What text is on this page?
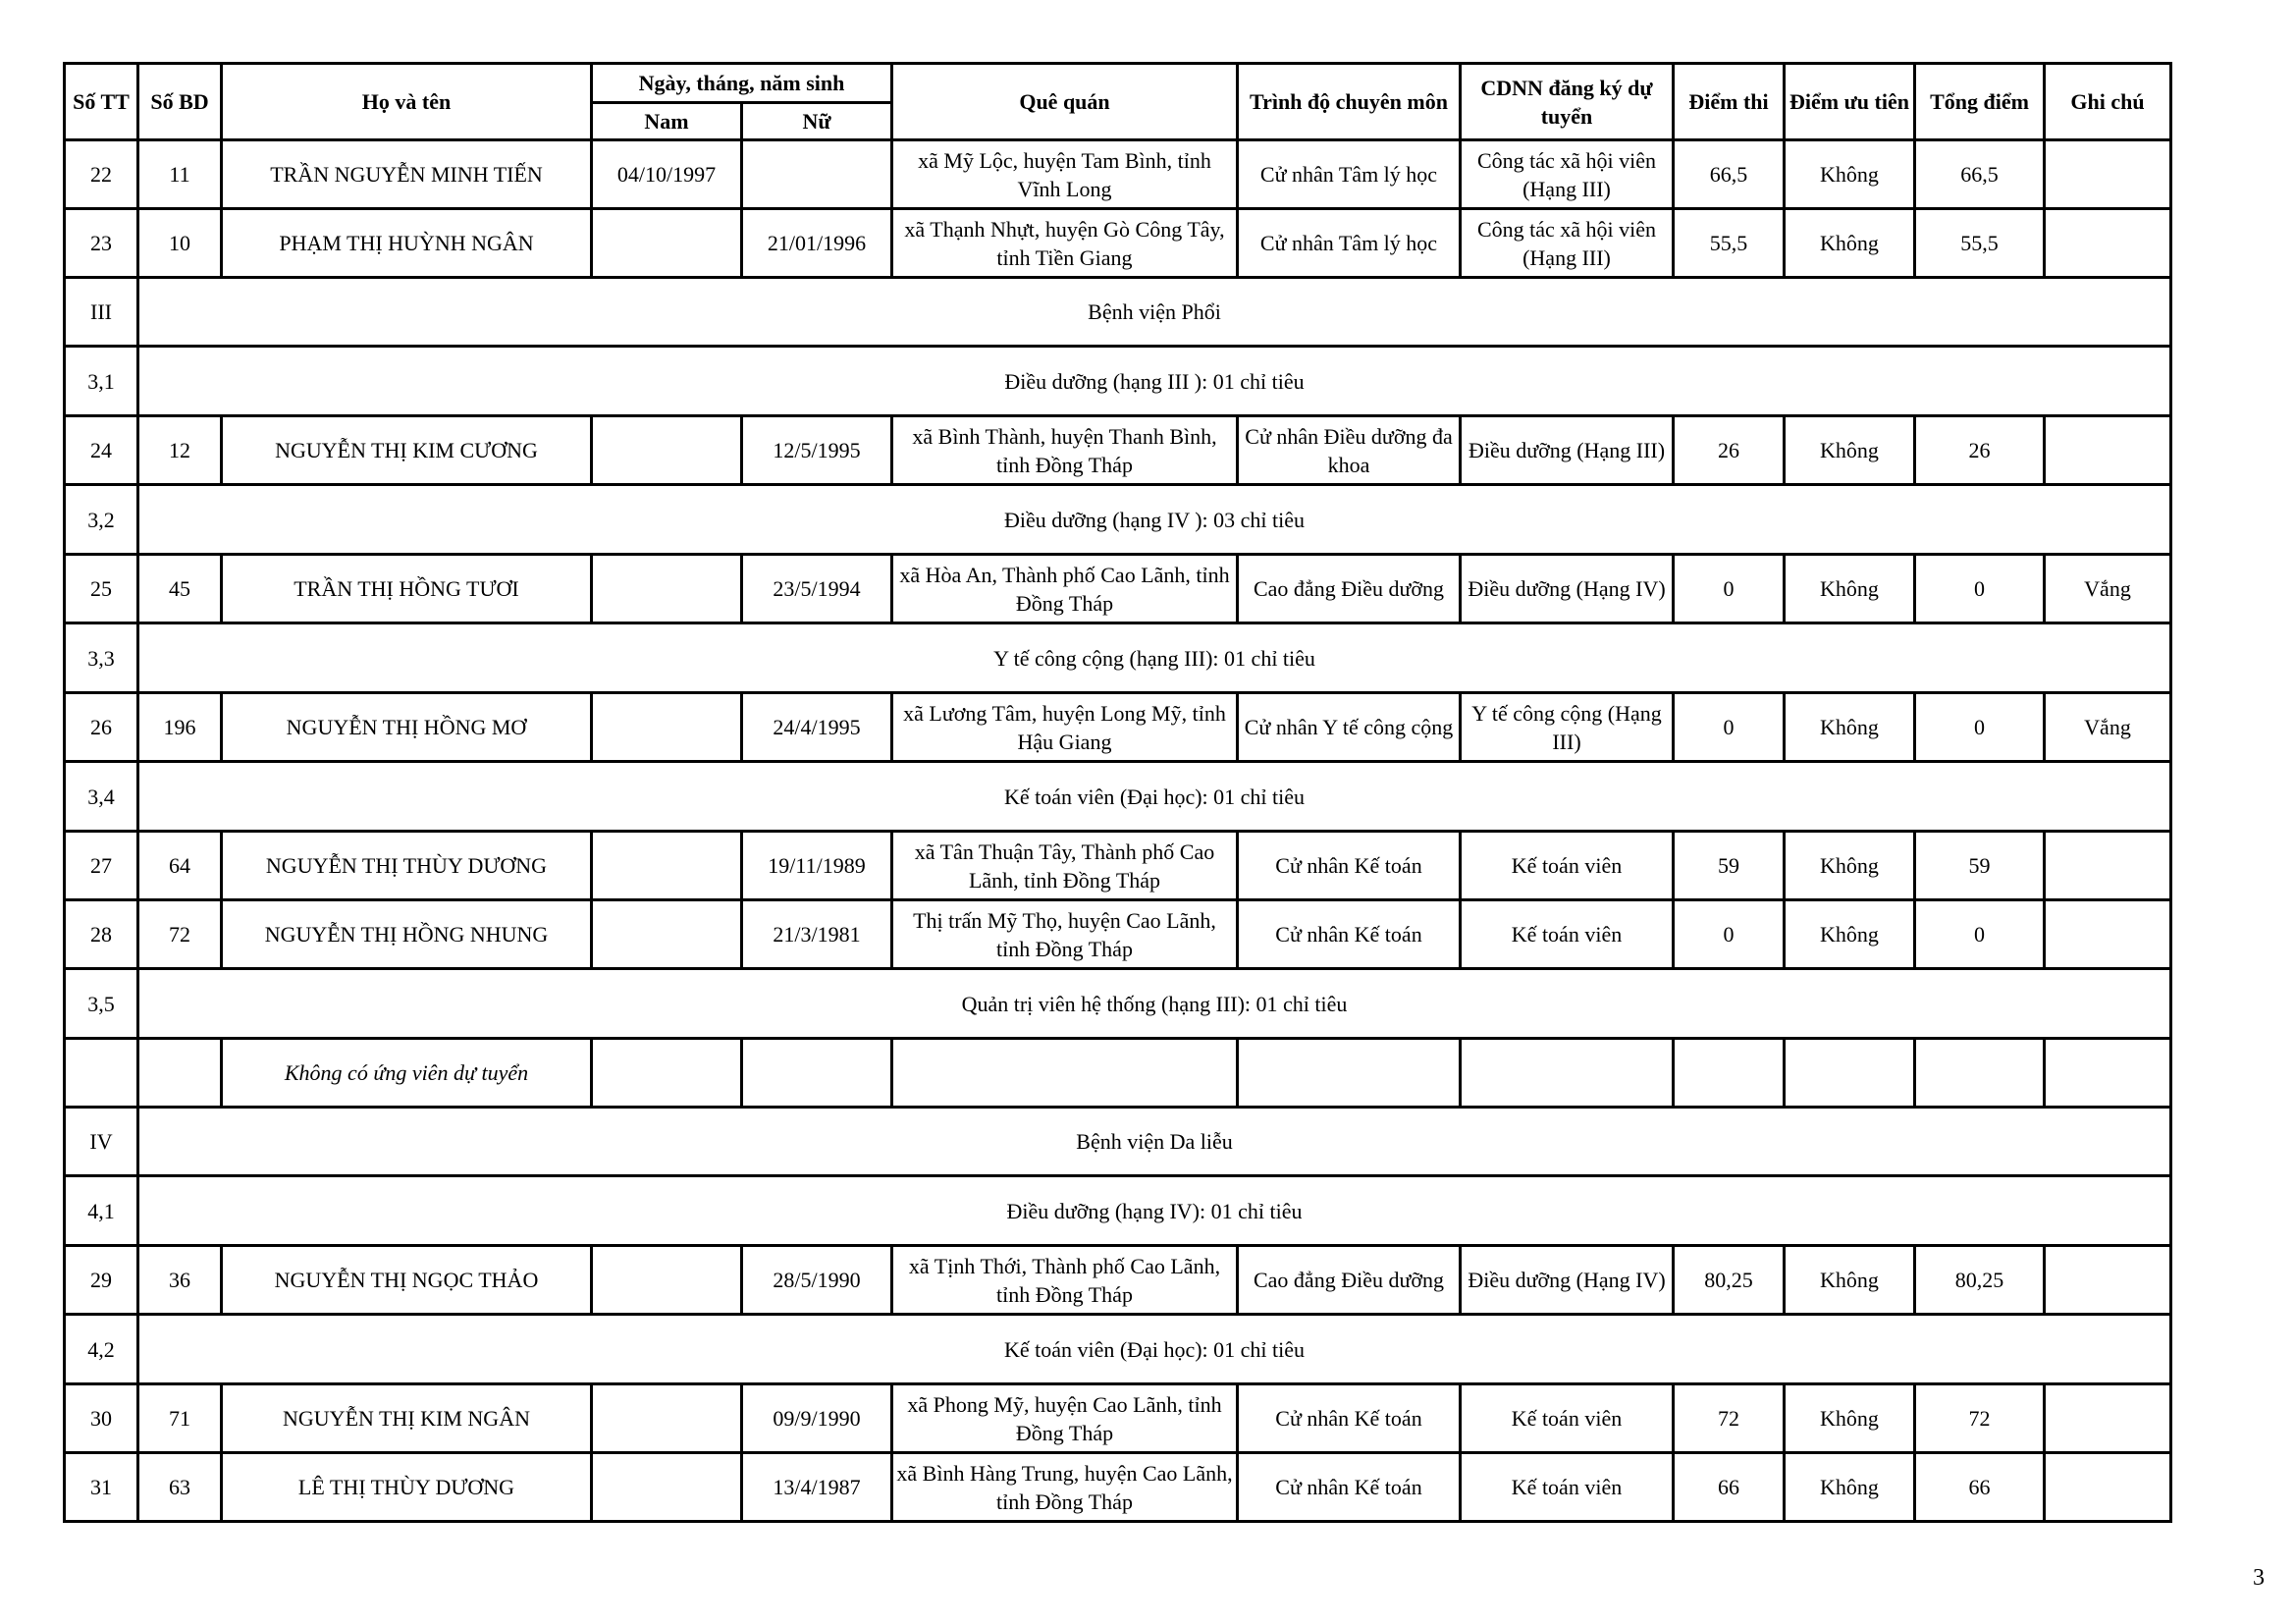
Số TT	Số BD	Họ và tên	Ngày, tháng, năm sinh		Quê quán	Trình độ chuyên môn	CDNN đăng ký dự tuyển	Điểm thi	Điểm ưu tiên	Tổng điểm	Ghi chú
			Nam	Nữ							
22	11	TRẦN NGUYỄN MINH TIẾN	04/10/1997		xã Mỹ Lộc, huyện Tam Bình, tỉnh Vĩnh Long	Cử nhân Tâm lý học	Công tác xã hội viên (Hạng III)	66,5	Không	66,5	
23	10	PHẠM THỊ HUỲNH NGÂN		21/01/1996	xã Thạnh Nhựt, huyện Gò Công Tây, tỉnh Tiền Giang	Cử nhân Tâm lý học	Công tác xã hội viên (Hạng III)	55,5	Không	55,5	
III	Bệnh viện Phổi										
3,1	Điều dưỡng (hạng III ): 01 chỉ tiêu										
24	12	NGUYỄN THỊ KIM CƯƠNG		12/5/1995	xã Bình Thành, huyện Thanh Bình, tỉnh Đồng Tháp	Cử nhân Điều dưỡng đa khoa	Điều dưỡng (Hạng III)	26	Không	26	
3,2	Điều dưỡng (hạng IV ): 03 chỉ tiêu										
25	45	TRẦN THỊ HỒNG TƯƠI		23/5/1994	xã Hòa An, Thành phố Cao Lãnh, tỉnh Đồng Tháp	Cao đẳng Điều dưỡng	Điều dưỡng (Hạng IV)	0	Không	0	Vắng
3,3	Y tế công cộng (hạng III): 01 chỉ tiêu										
26	196	NGUYỄN THỊ HỒNG MƠ		24/4/1995	xã Lương Tâm, huyện Long Mỹ, tỉnh Hậu Giang	Cử nhân Y tế công cộng	Y tế công cộng (Hạng III)	0	Không	0	Vắng
3,4	Kế toán viên (Đại học): 01 chỉ tiêu										
27	64	NGUYỄN THỊ THÙY DƯƠNG		19/11/1989	xã Tân Thuận Tây, Thành phố Cao Lãnh, tỉnh Đồng Tháp	Cử nhân Kế toán	Kế toán viên	59	Không	59	
28	72	NGUYỄN THỊ HỒNG NHUNG		21/3/1981	Thị trấn Mỹ Thọ, huyện Cao Lãnh, tỉnh Đồng Tháp	Cử nhân Kế toán	Kế toán viên	0	Không	0	
3,5	Quản trị viên hệ thống (hạng III): 01 chỉ tiêu										
		Không có ứng viên dự tuyển									
IV	Bệnh viện Da liễu										
4,1	Điều dưỡng (hạng IV): 01 chỉ tiêu										
29	36	NGUYỄN THỊ NGỌC THẢO		28/5/1990	xã Tịnh Thới, Thành phố Cao Lãnh, tỉnh Đồng Tháp	Cao đẳng Điều dưỡng	Điều dưỡng (Hạng IV)	80,25	Không	80,25	
4,2	Kế toán viên (Đại học): 01 chỉ tiêu										
30	71	NGUYỄN THỊ KIM NGÂN		09/9/1990	xã Phong Mỹ, huyện Cao Lãnh, tỉnh Đồng Tháp	Cử nhân Kế toán	Kế toán viên	72	Không	72	
31	63	LÊ THỊ THÙY DƯƠNG		13/4/1987	xã Bình Hàng Trung, huyện Cao Lãnh, tỉnh Đồng Tháp	Cử nhân Kế toán	Kế toán viên	66	Không	66	
3
